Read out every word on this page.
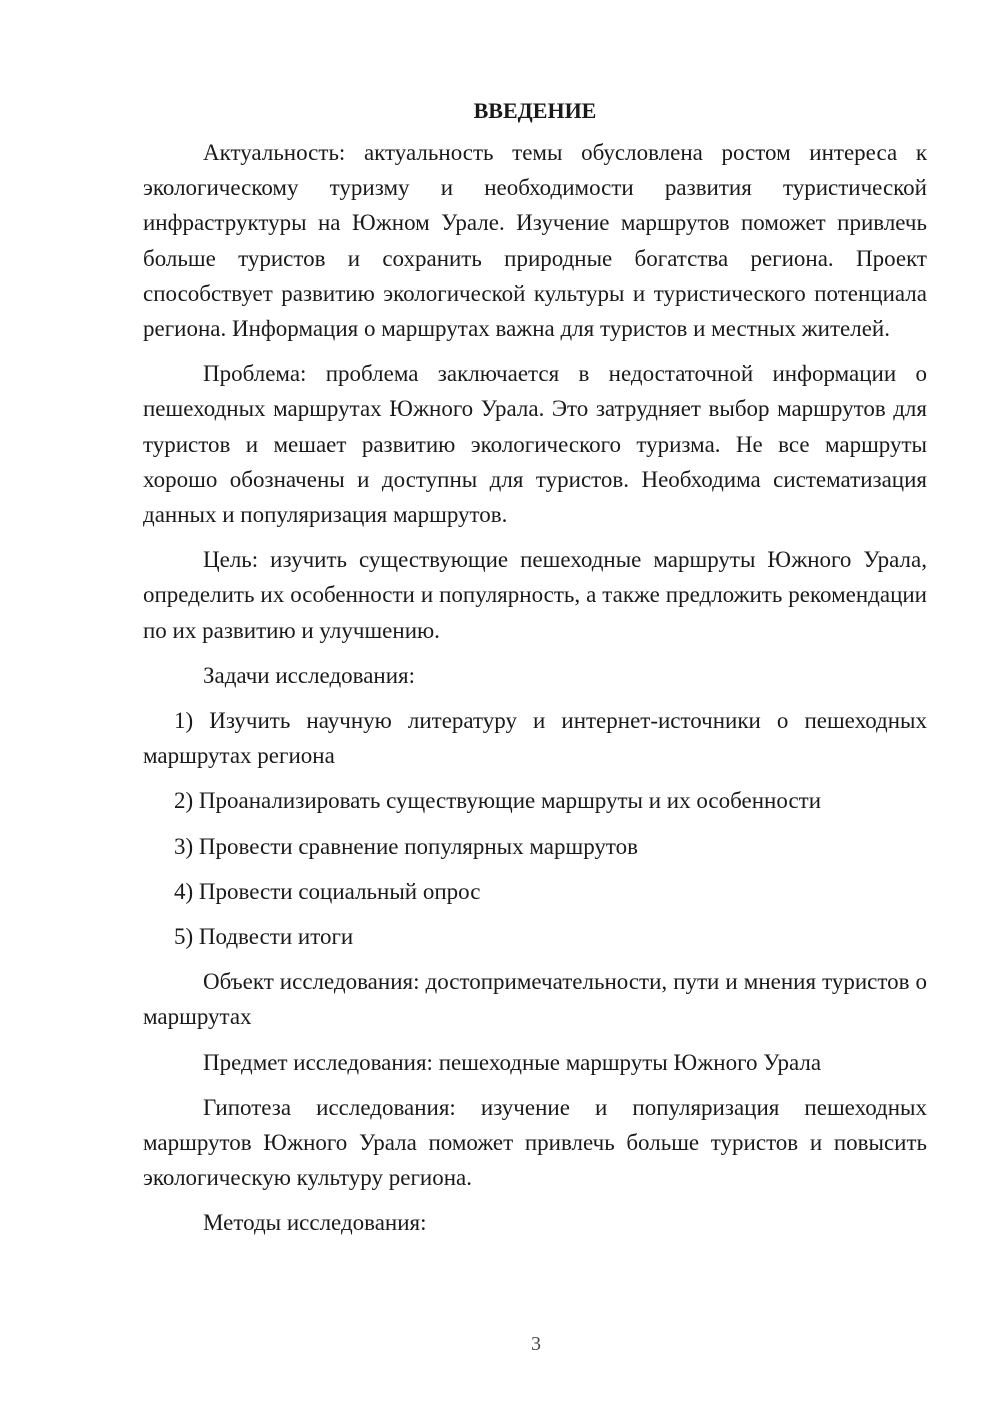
ВВЕДЕНИЕ

Актуальность: актуальность темы обусловлена ростом интереса к экологическому туризму и необходимости развития туристической инфраструктуры на Южном Урале. Изучение маршрутов поможет привлечь больше туристов и сохранить природные богатства региона. Проект способствует развитию экологической культуры и туристического потенциала региона. Информация о маршрутах важна для туристов и местных жителей.

Проблема: проблема заключается в недостаточной информации о пешеходных маршрутах Южного Урала. Это затрудняет выбор маршрутов для туристов и мешает развитию экологического туризма. Не все маршруты хорошо обозначены и доступны для туристов. Необходима систематизация данных и популяризация маршрутов.

Цель: изучить существующие пешеходные маршруты Южного Урала, определить их особенности и популярность, а также предложить рекомендации по их развитию и улучшению.

Задачи исследования:

1) Изучить научную литературу и интернет-источники о пешеходных маршрутах региона

2) Проанализировать существующие маршруты и их особенности

3) Провести сравнение популярных маршрутов

4) Провести социальный опрос

5) Подвести итоги

Объект исследования: достопримечательности, пути и мнения туристов о маршрутах

Предмет исследования: пешеходные маршруты Южного Урала

Гипотеза исследования: изучение и популяризация пешеходных маршрутов Южного Урала поможет привлечь больше туристов и повысить экологическую культуру региона.

Методы исследования:

3
